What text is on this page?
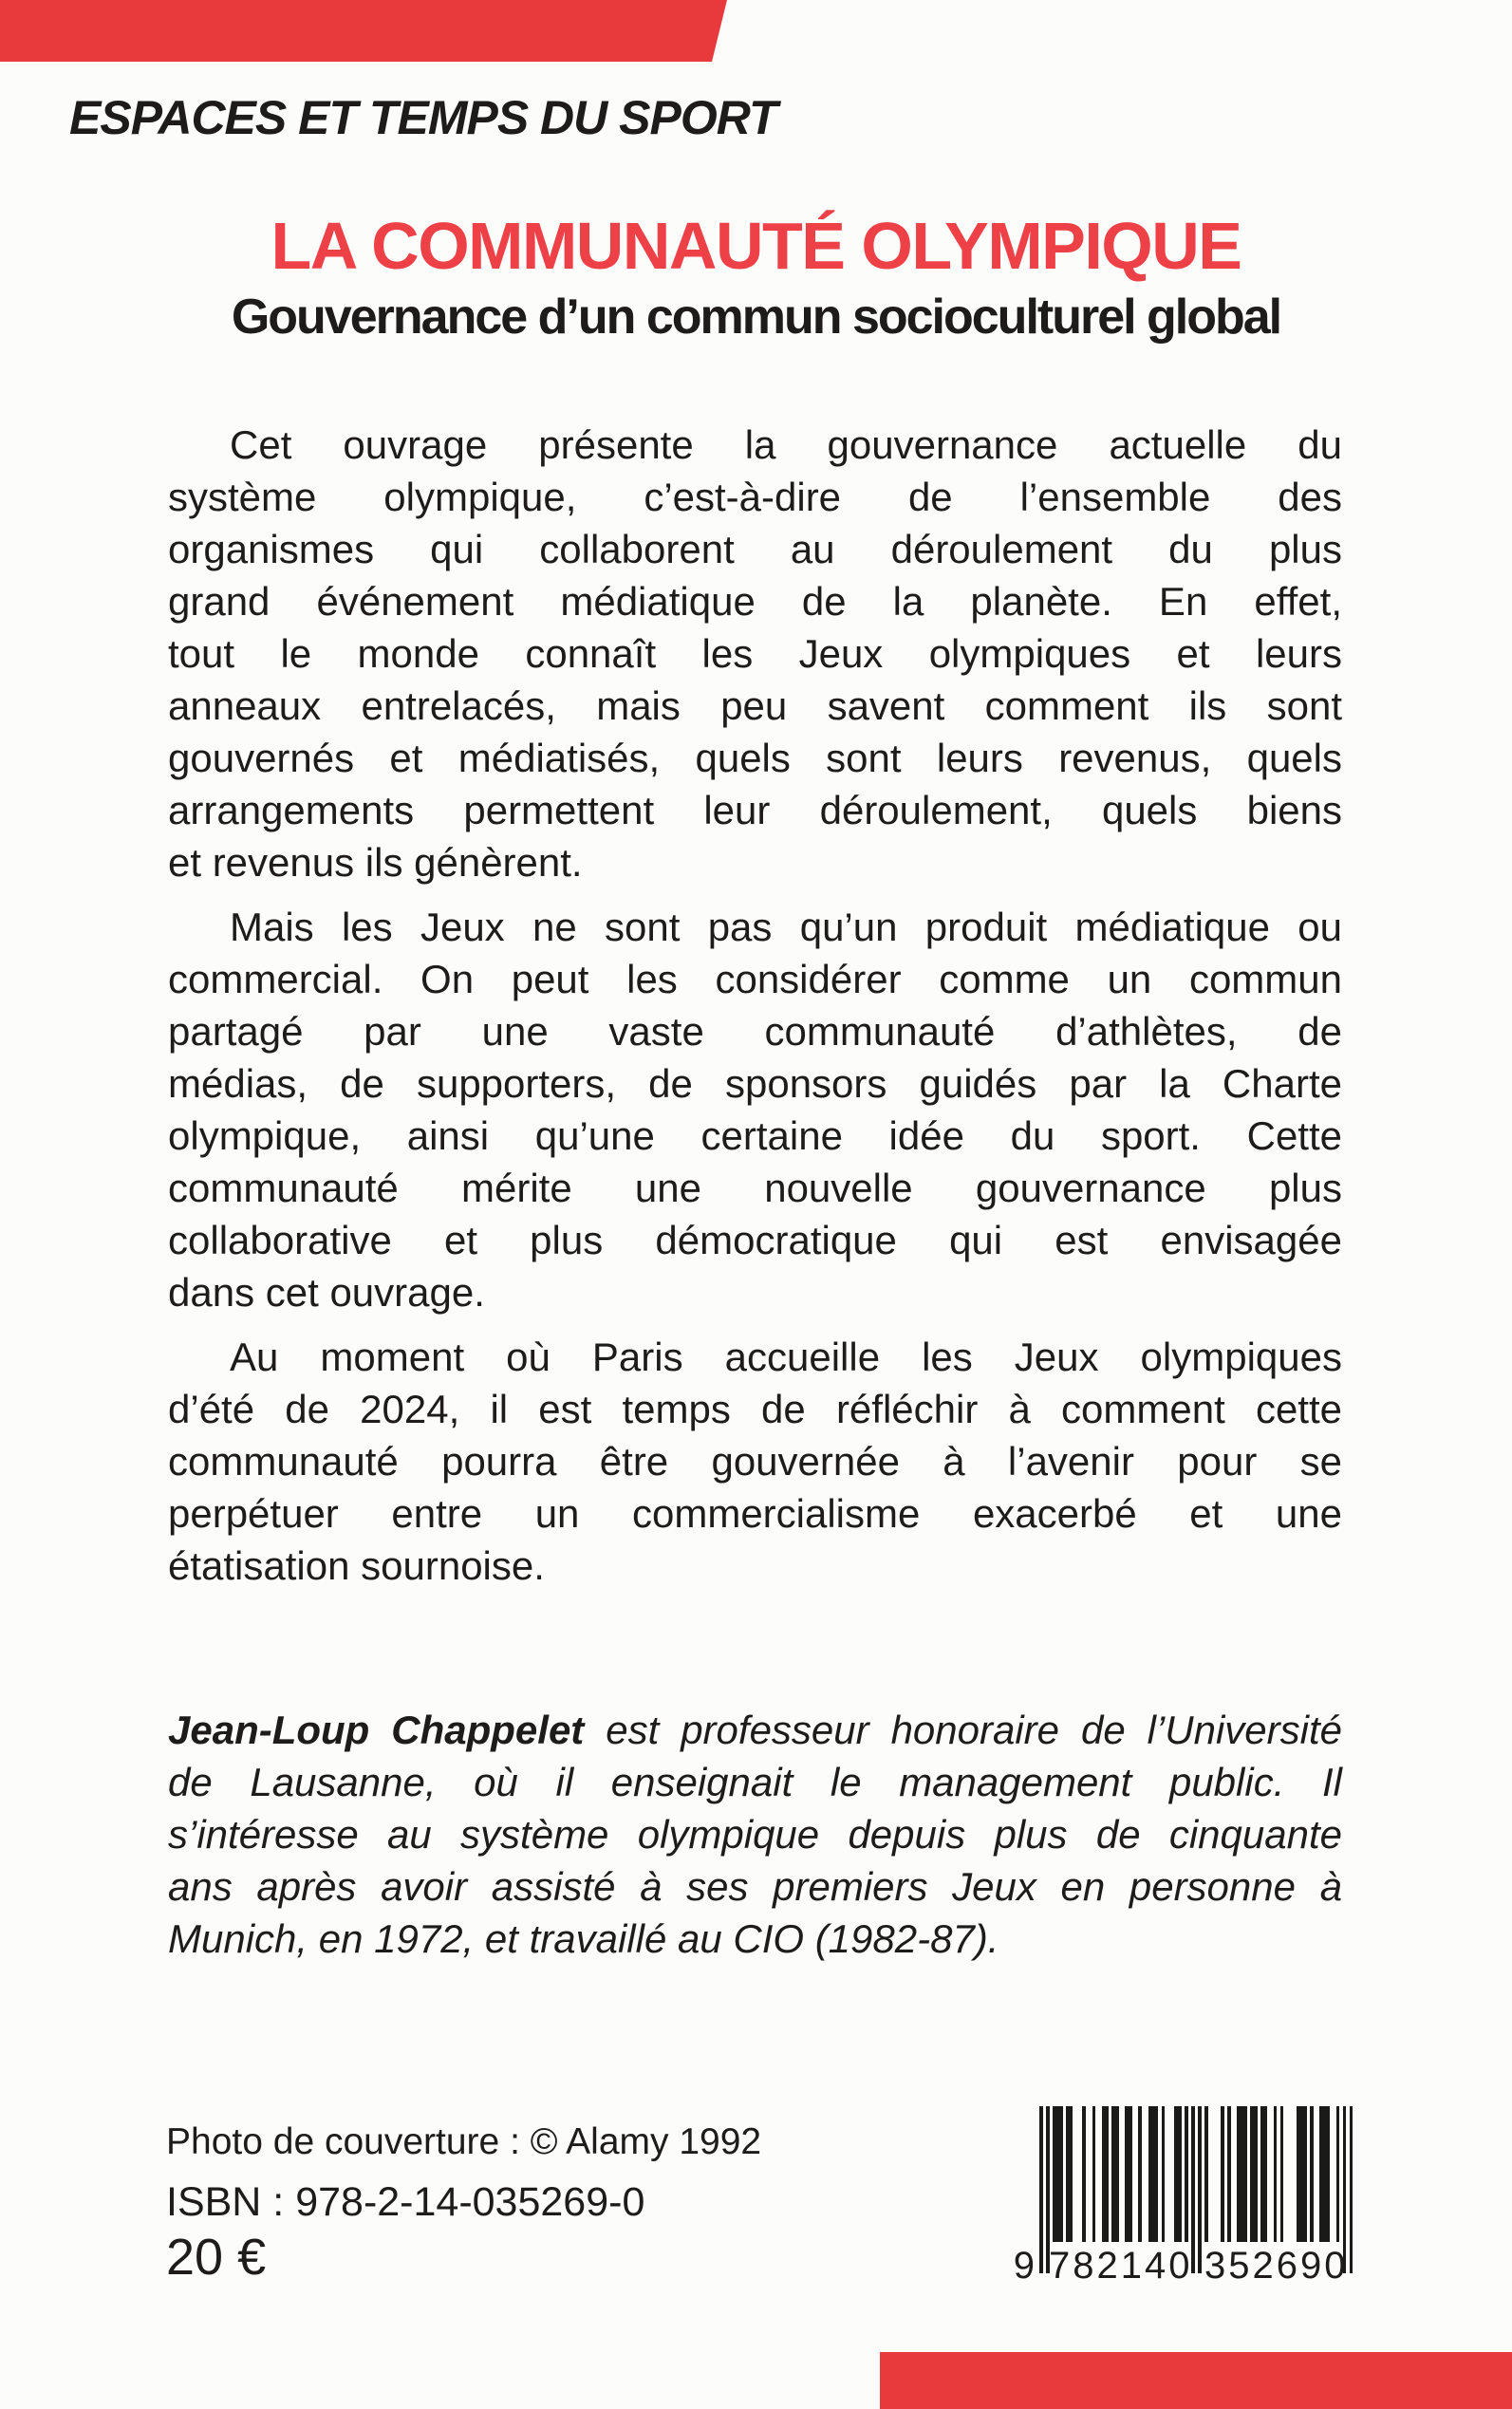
ESPACES ET TEMPS DU SPORT
LA COMMUNAUTÉ OLYMPIQUE
Gouvernance d’un commun socioculturel global
Cet ouvrage présente la gouvernance actuelle du
système olympique, c’est-à-dire de l’ensemble des
organismes qui collaborent au déroulement du plus
grand événement médiatique de la planète. En effet,
tout le monde connaît les Jeux olympiques et leurs
anneaux entrelacés, mais peu savent comment ils sont
gouvernés et médiatisés, quels sont leurs revenus, quels
arrangements permettent leur déroulement, quels biens
et revenus ils génèrent.
Mais les Jeux ne sont pas qu’un produit médiatique ou
commercial. On peut les considérer comme un commun
partagé par une vaste communauté d’athlètes, de
médias, de supporters, de sponsors guidés par la Charte
olympique, ainsi qu’une certaine idée du sport. Cette
communauté mérite une nouvelle gouvernance plus
collaborative et plus démocratique qui est envisagée
dans cet ouvrage.
Au moment où Paris accueille les Jeux olympiques
d’été de 2024, il est temps de réfléchir à comment cette
communauté pourra être gouvernée à l’avenir pour se
perpétuer entre un commercialisme exacerbé et une
étatisation sournoise.
Jean-Loup Chappelet est professeur honoraire de l’Université
de Lausanne, où il enseignait le management public. Il
s’intéresse au système olympique depuis plus de cinquante
ans après avoir assisté à ses premiers Jeux en personne à
Munich, en 1972, et travaillé au CIO (1982-87).
Photo de couverture : © Alamy 1992
ISBN : 978-2-14-035269-0
20 €	9 782140 352690
